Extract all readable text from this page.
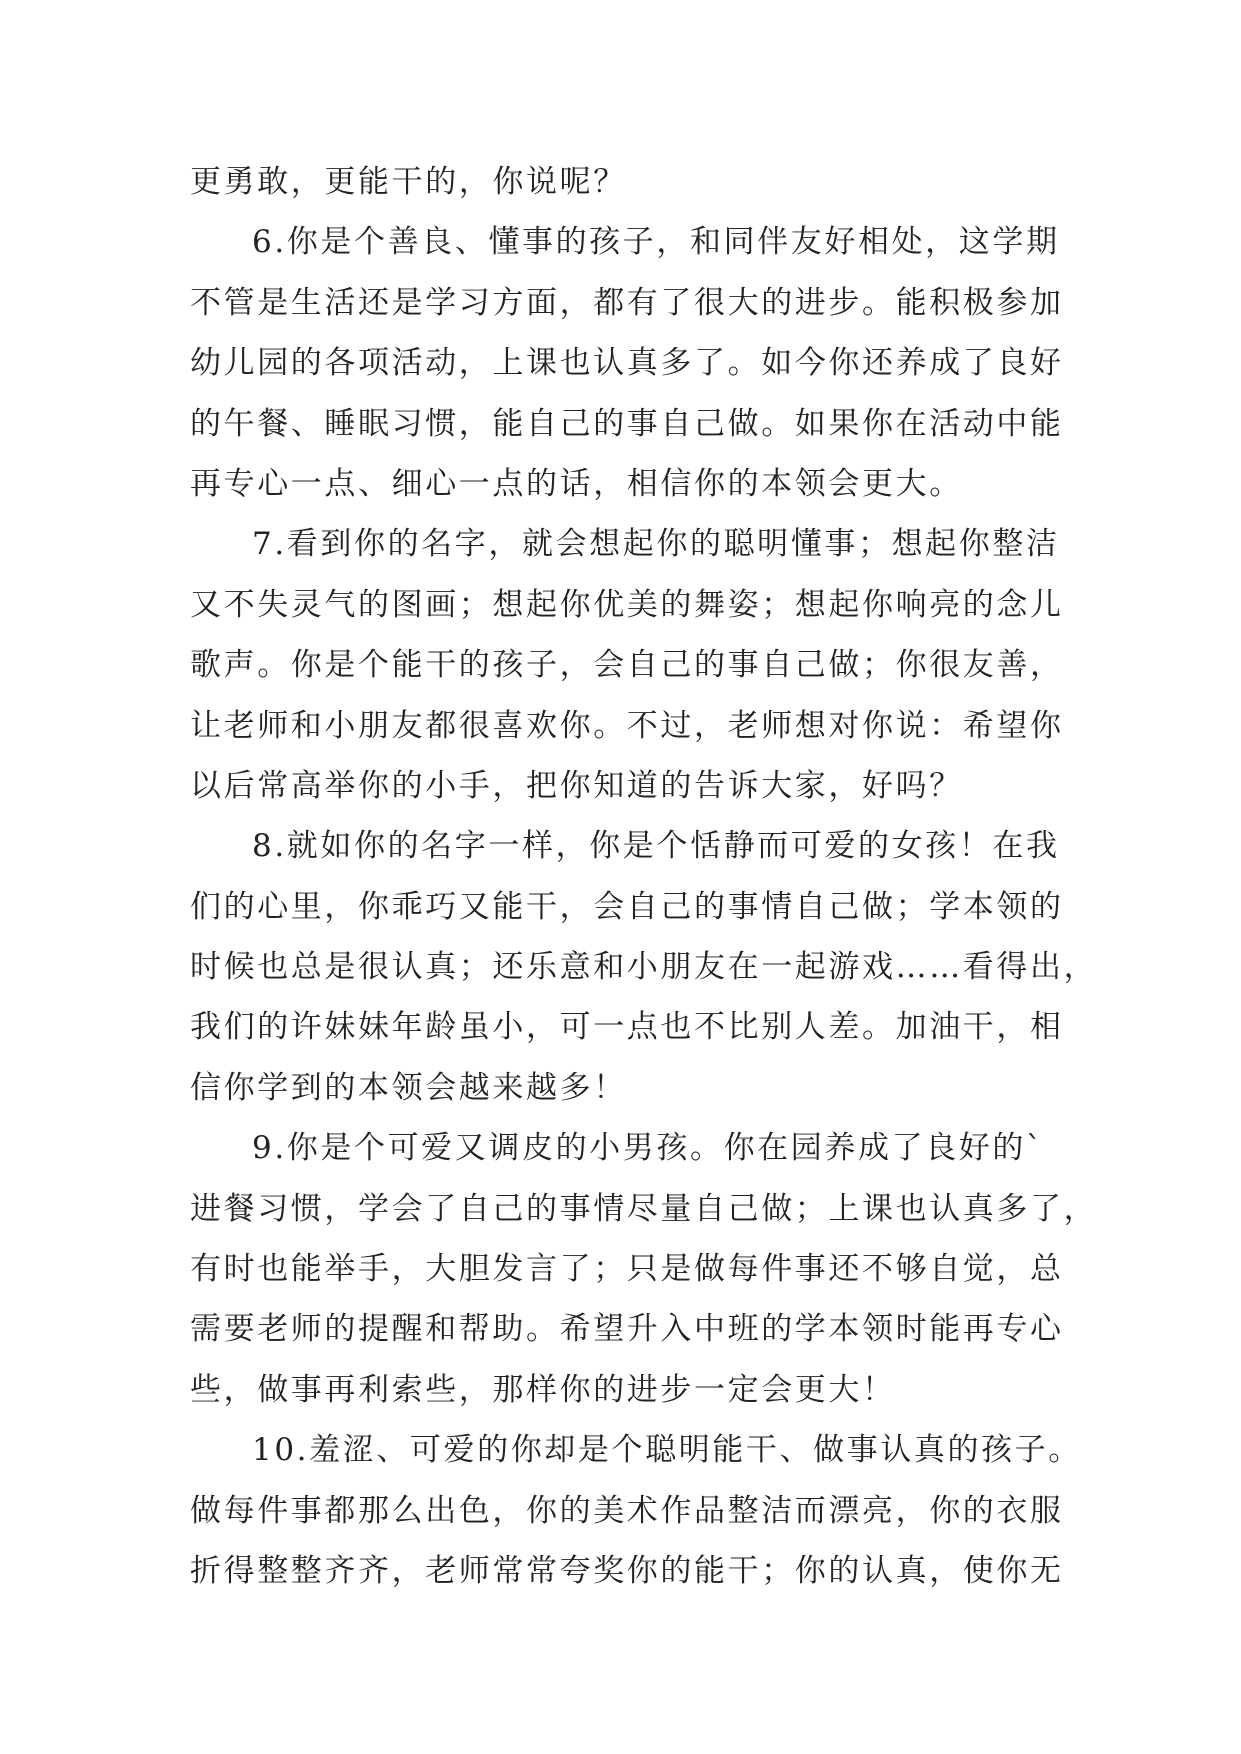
更勇敢，更能干的，你说呢？
6.你是个善良、懂事的孩子，和同伴友好相处，这学期
不管是生活还是学习方面，都有了很大的进步。能积极参加
幼儿园的各项活动，上课也认真多了。如今你还养成了良好
的午餐、睡眠习惯，能自己的事自己做。如果你在活动中能
再专心一点、细心一点的话，相信你的本领会更大。
7.看到你的名字，就会想起你的聪明懂事；想起你整洁
又不失灵气的图画；想起你优美的舞姿；想起你响亮的念儿
歌声。你是个能干的孩子，会自己的事自己做；你很友善，
让老师和小朋友都很喜欢你。不过，老师想对你说：希望你
以后常高举你的小手，把你知道的告诉大家，好吗？
8.就如你的名字一样，你是个恬静而可爱的女孩！在我
们的心里，你乖巧又能干，会自己的事情自己做；学本领的
时候也总是很认真；还乐意和小朋友在一起游戏……看得出，
我们的许妹妹年龄虽小，可一点也不比别人差。加油干，相
信你学到的本领会越来越多！
9.你是个可爱又调皮的小男孩。你在园养成了良好的`
进餐习惯，学会了自己的事情尽量自己做；上课也认真多了，
有时也能举手，大胆发言了；只是做每件事还不够自觉，总
需要老师的提醒和帮助。希望升入中班的学本领时能再专心
些，做事再利索些，那样你的进步一定会更大！
10.羞涩、可爱的你却是个聪明能干、做事认真的孩子。
做每件事都那么出色，你的美术作品整洁而漂亮，你的衣服
折得整整齐齐，老师常常夸奖你的能干；你的认真，使你无
